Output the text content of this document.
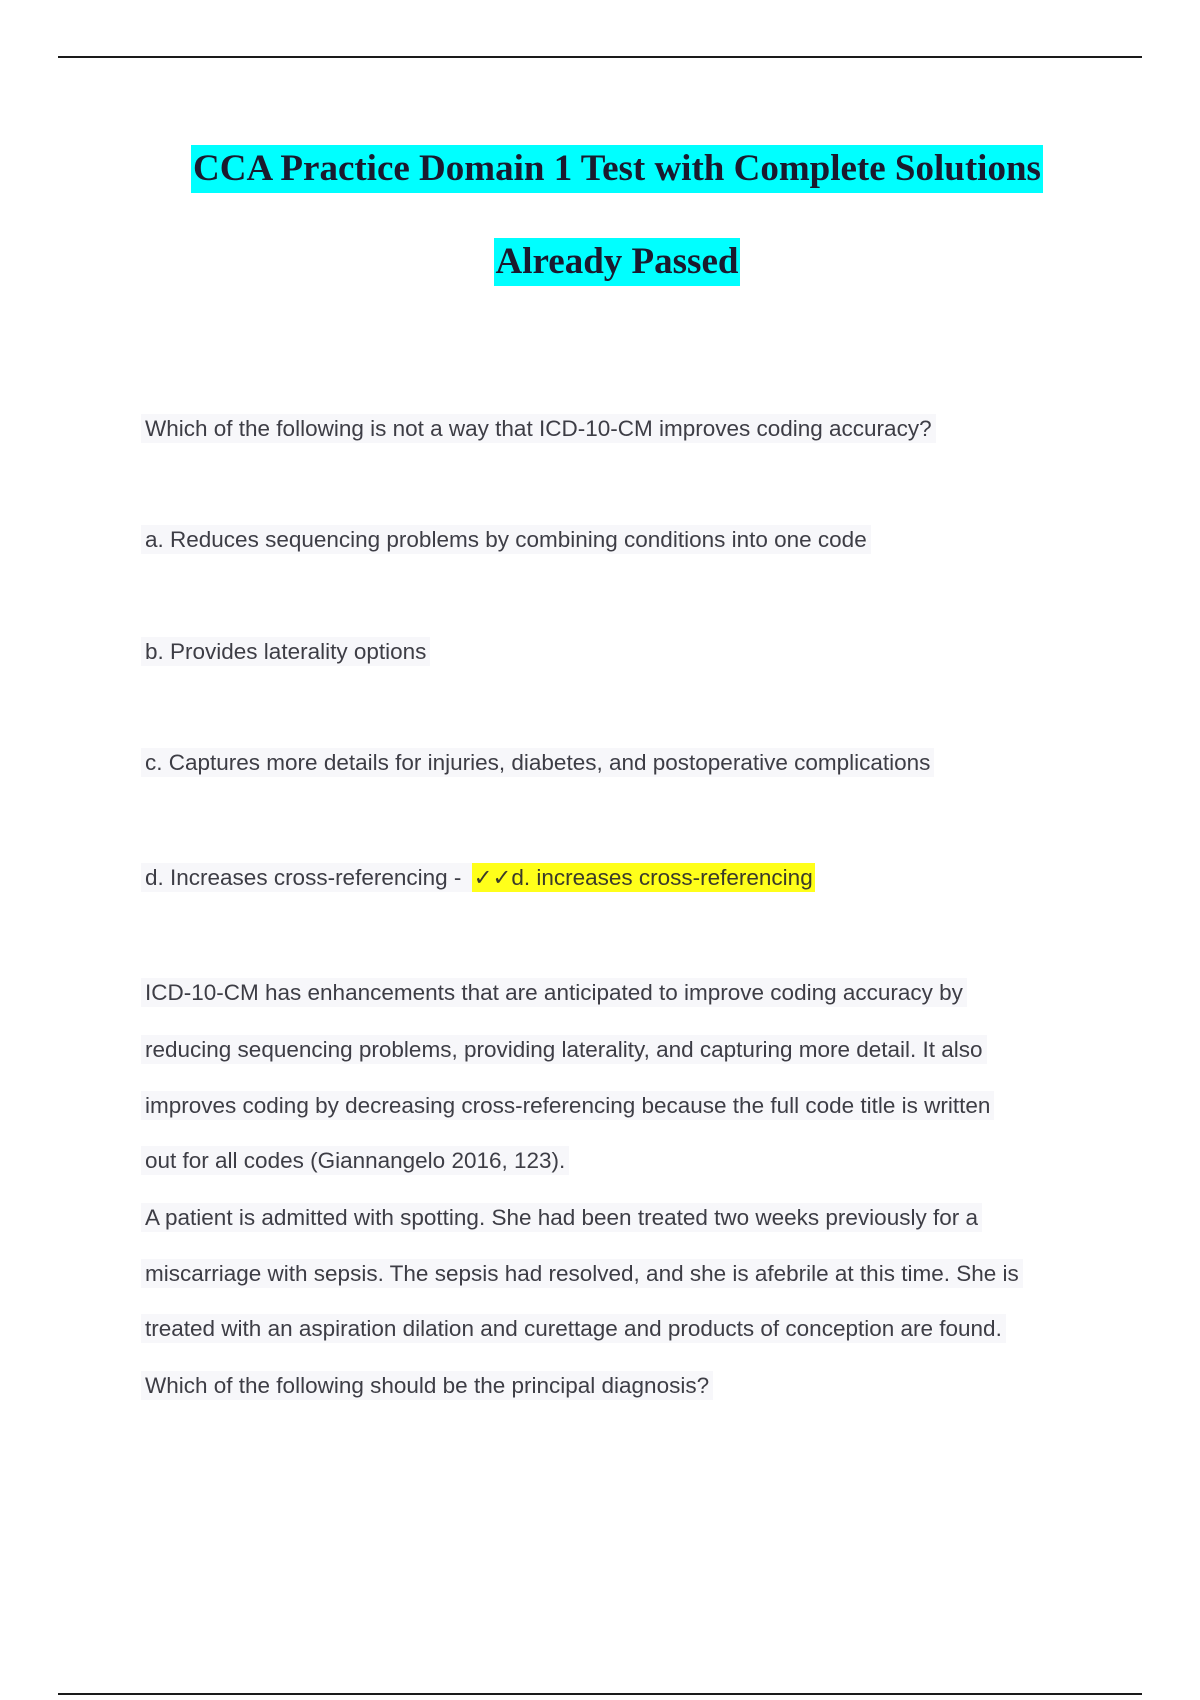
CCA Practice Domain 1 Test with Complete Solutions
Already Passed
Which of the following is not a way that ICD-10-CM improves coding accuracy?
a. Reduces sequencing problems by combining conditions into one code
b. Provides laterality options
c. Captures more details for injuries, diabetes, and postoperative complications
d. Increases cross-referencing - ✓✓d. increases cross-referencing
ICD-10-CM has enhancements that are anticipated to improve coding accuracy by
reducing sequencing problems, providing laterality, and capturing more detail. It also
improves coding by decreasing cross-referencing because the full code title is written
out for all codes (Giannangelo 2016, 123).
A patient is admitted with spotting. She had been treated two weeks previously for a
miscarriage with sepsis. The sepsis had resolved, and she is afebrile at this time. She is
treated with an aspiration dilation and curettage and products of conception are found.
Which of the following should be the principal diagnosis?
